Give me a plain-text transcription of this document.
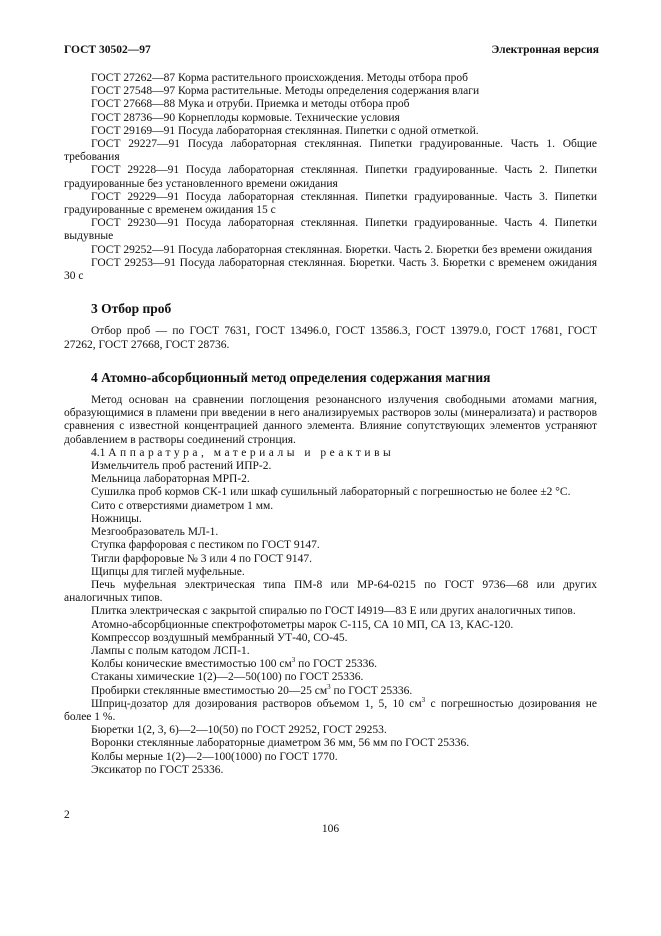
ГОСТ 30502—97	Электронная версия

ГОСТ 27262—87 Корма растительного происхождения. Методы отбора проб

ГОСТ 27548—97 Корма растительные. Методы определения содержания влаги

ГОСТ 27668—88 Мука и отруби. Приемка и методы отбора проб

ГОСТ 28736—90 Корнеплоды кормовые. Технические условия

ГОСТ 29169—91 Посуда лабораторная стеклянная. Пипетки с одной отметкой.

ГОСТ 29227—91 Посуда лабораторная стеклянная. Пипетки градуированные. Часть 1. Общие требования

ГОСТ 29228—91 Посуда лабораторная стеклянная. Пипетки градуированные. Часть 2. Пипетки градуированные без установленного времени ожидания

ГОСТ 29229—91 Посуда лабораторная стеклянная. Пипетки градуированные. Часть 3. Пипетки градуированные с временем ожидания 15 с

ГОСТ 29230—91 Посуда лабораторная стеклянная. Пипетки градуированные. Часть 4. Пипетки выдувные

ГОСТ 29252—91 Посуда лабораторная стеклянная. Бюретки. Часть 2. Бюретки без времени ожидания

ГОСТ 29253—91 Посуда лабораторная стеклянная. Бюретки. Часть 3. Бюретки с временем ожидания 30 с

3 Отбор проб

Отбор проб — по ГОСТ 7631, ГОСТ 13496.0, ГОСТ 13586.3, ГОСТ 13979.0, ГОСТ 17681, ГОСТ 27262, ГОСТ 27668, ГОСТ 28736.

4 Атомно-абсорбционный метод определения содержания магния

Метод основан на сравнении поглощения резонансного излучения свободными атомами магния, образующимися в пламени при введении в него анализируемых растворов золы (минерализата) и растворов сравнения с известной концентрацией данного элемента. Влияние сопутствующих элементов устраняют добавлением в растворы соединений стронция.

4.1 Аппаратура, материалы и реактивы

Измельчитель проб растений ИПР-2.

Мельница лабораторная МРП-2.

Сушилка проб кормов СК-1 или шкаф сушильный лабораторный с погрешностью не более ±2 °С.

Сито с отверстиями диаметром 1 мм.

Ножницы.

Мезгообразователь МЛ-1.

Ступка фарфоровая с пестиком по ГОСТ 9147.

Тигли фарфоровые № 3 или 4 по ГОСТ 9147.

Щипцы для тиглей муфельные.

Печь муфельная электрическая типа ПМ-8 или МР-64-0215 по ГОСТ 9736—68 или других аналогичных типов.

Плитка электрическая с закрытой спиралью по ГОСТ I4919—83 Е или других аналогичных типов.

Атомно-абсорбционные спектрофотометры марок С-115, СА 10 МП, СА 13, КАС-120.

Компрессор воздушный мембранный УТ-40, СО-45.

Лампы с полым катодом ЛСП-1.

Колбы конические вместимостью 100 $см^3$ по ГОСТ 25336.

Стаканы химические 1(2)—2—50(100) по ГОСТ 25336.

Пробирки стеклянные вместимостью 20—25 $см^3$ по ГОСТ 25336.

Шприц-дозатор для дозирования растворов объемом 1, 5, 10 $см^3$ с погрешностью дозирования не более 1 %.

Бюретки 1(2, 3, 6)—2—10(50) по ГОСТ 29252, ГОСТ 29253.

Воронки стеклянные лабораторные диаметром 36 мм, 56 мм по ГОСТ 25336.

Колбы мерные 1(2)—2—100(1000) по ГОСТ 1770.

Эксикатор по ГОСТ 25336.

2
106
